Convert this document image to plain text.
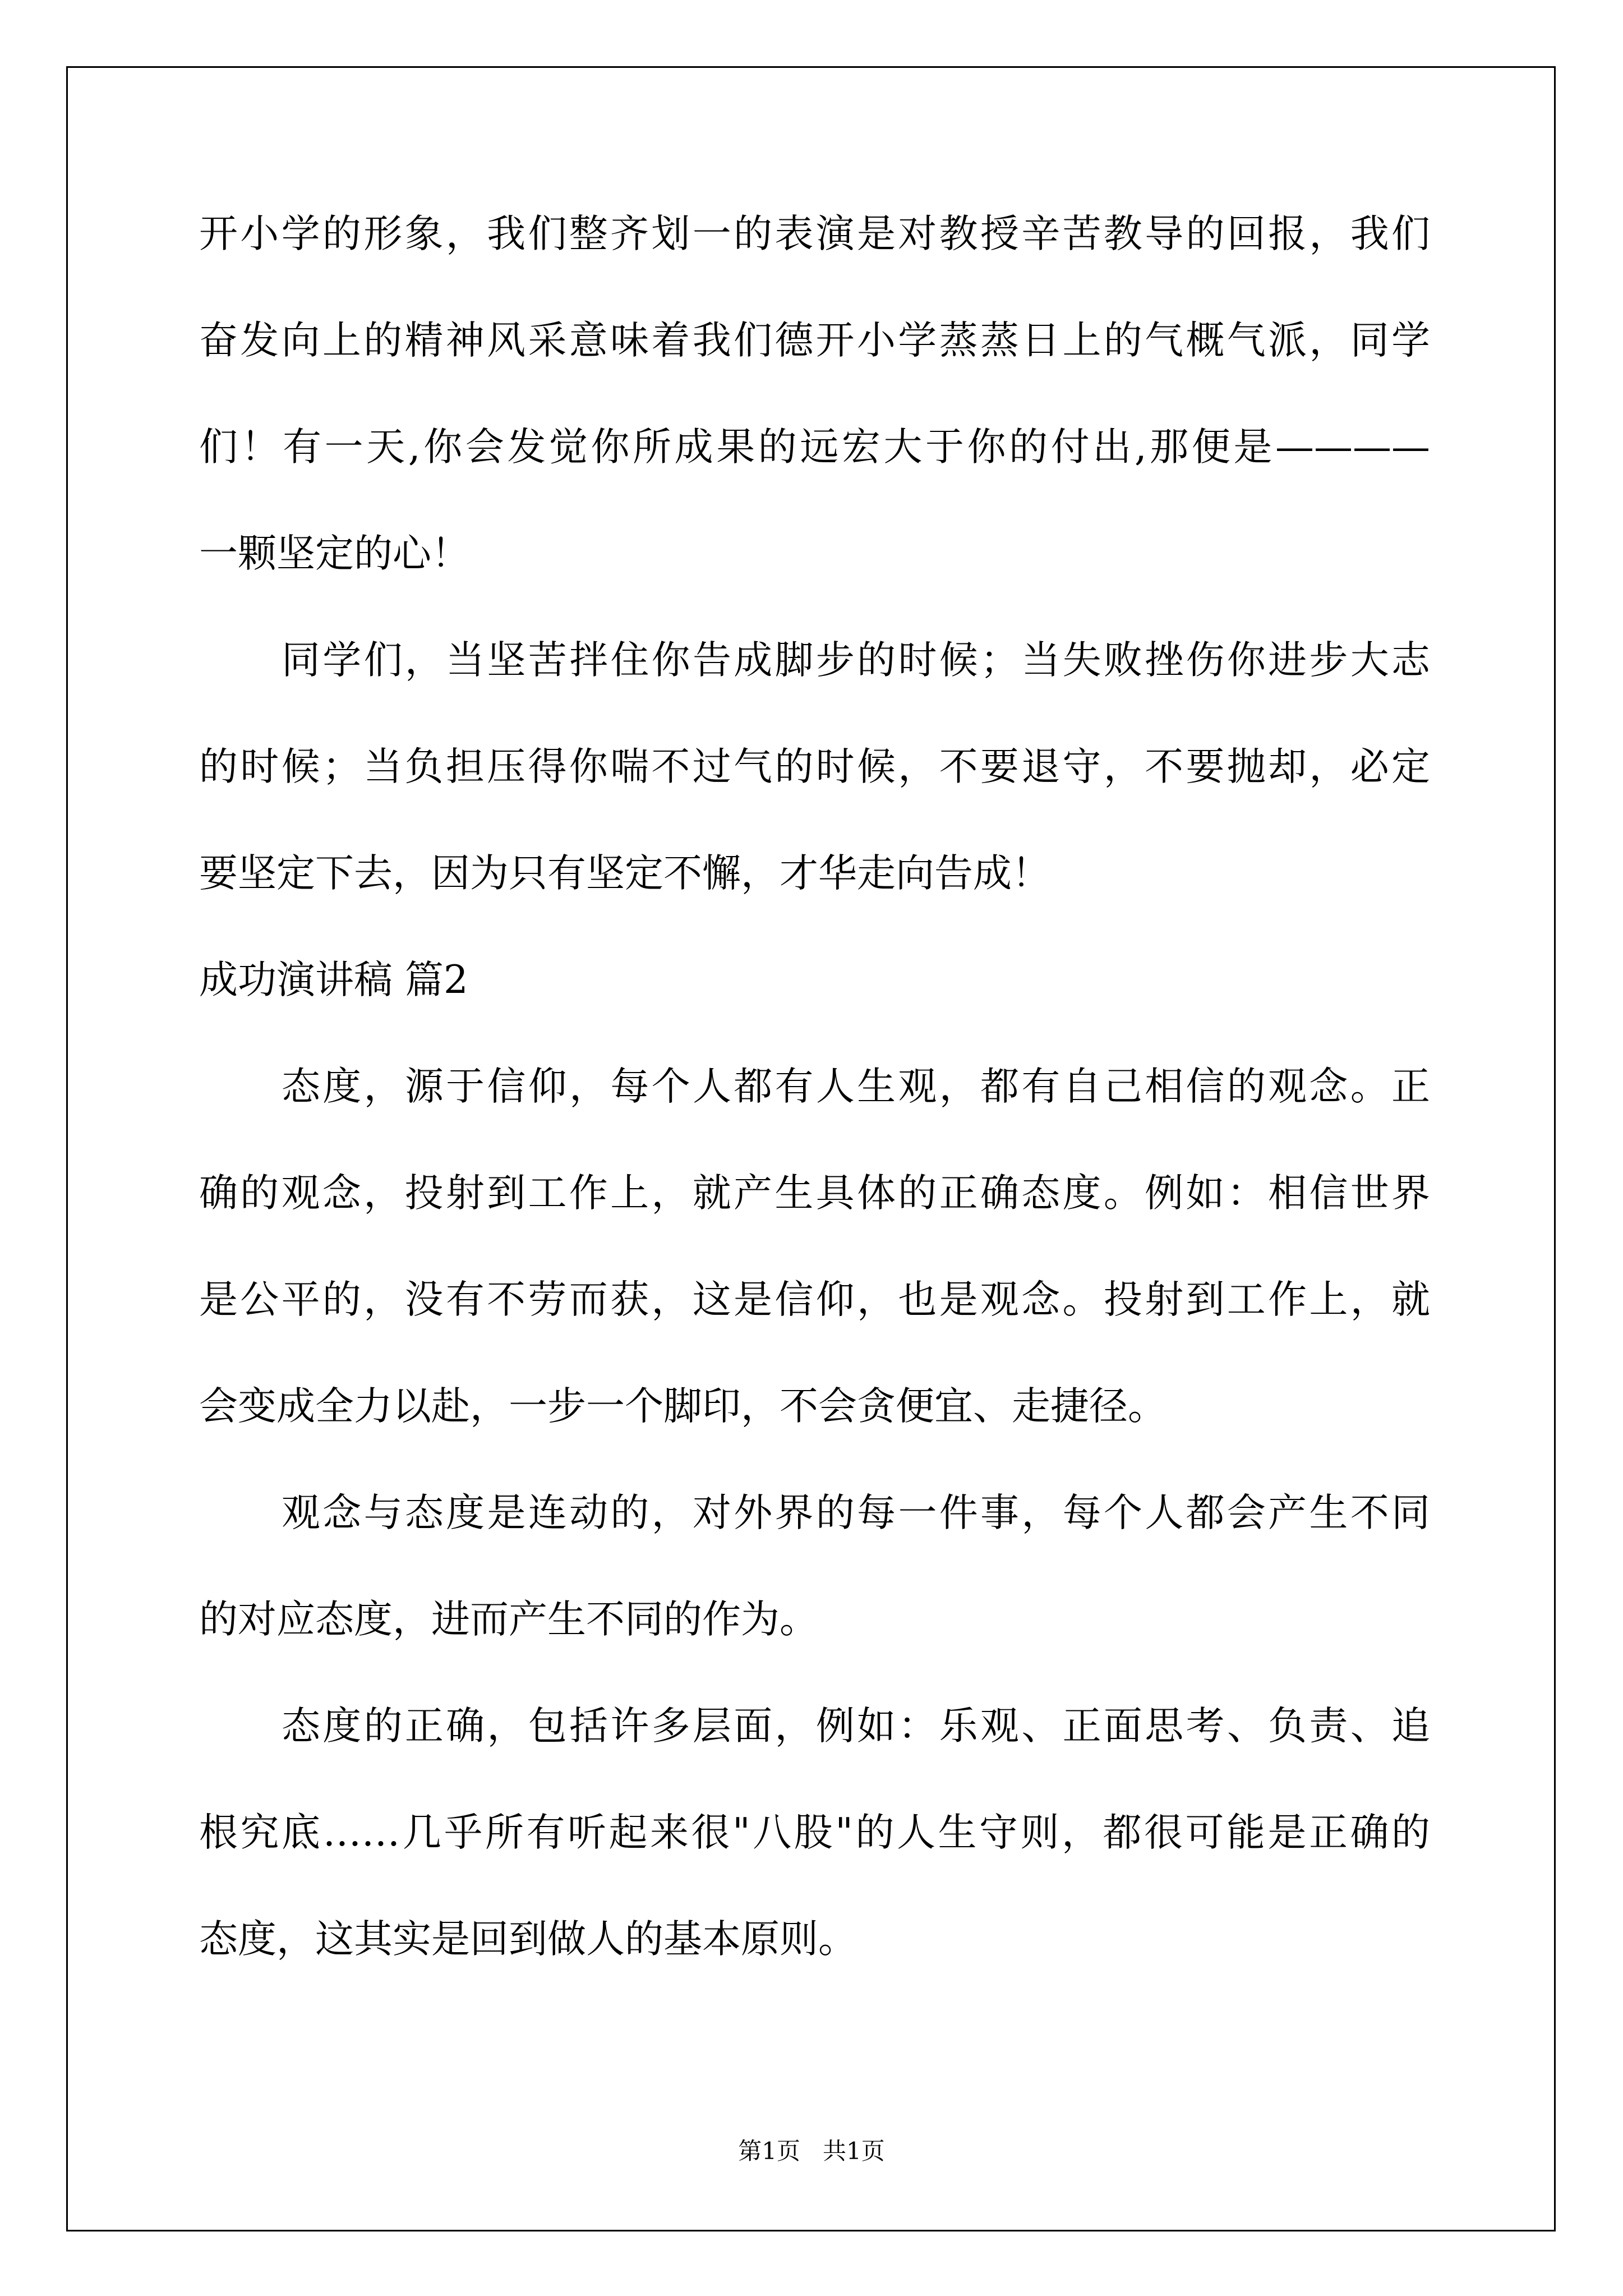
开小学的形象，我们整齐划一的表演是对教授辛苦教导的回报，我们
奋发向上的精神风采意味着我们德开小学蒸蒸日上的气概气派，同学
们！有一天,你会发觉你所成果的远宏大于你的付出,那便是————
一颗坚定的心！
同学们，当坚苦拌住你告成脚步的时候；当失败挫伤你进步大志
的时候；当负担压得你喘不过气的时候，不要退守，不要抛却，必定
要坚定下去，因为只有坚定不懈，才华走向告成！
成功演讲稿 篇2
态度，源于信仰，每个人都有人生观，都有自己相信的观念。正
确的观念，投射到工作上，就产生具体的正确态度。例如：相信世界
是公平的，没有不劳而获，这是信仰，也是观念。投射到工作上，就
会变成全力以赴，一步一个脚印，不会贪便宜、走捷径。
观念与态度是连动的，对外界的每一件事，每个人都会产生不同
的对应态度，进而产生不同的作为。
态度的正确，包括许多层面，例如：乐观、正面思考、负责、追
根究底……几乎所有听起来很"八股"的人生守则，都很可能是正确的
态度，这其实是回到做人的基本原则。
第1页   共1页
